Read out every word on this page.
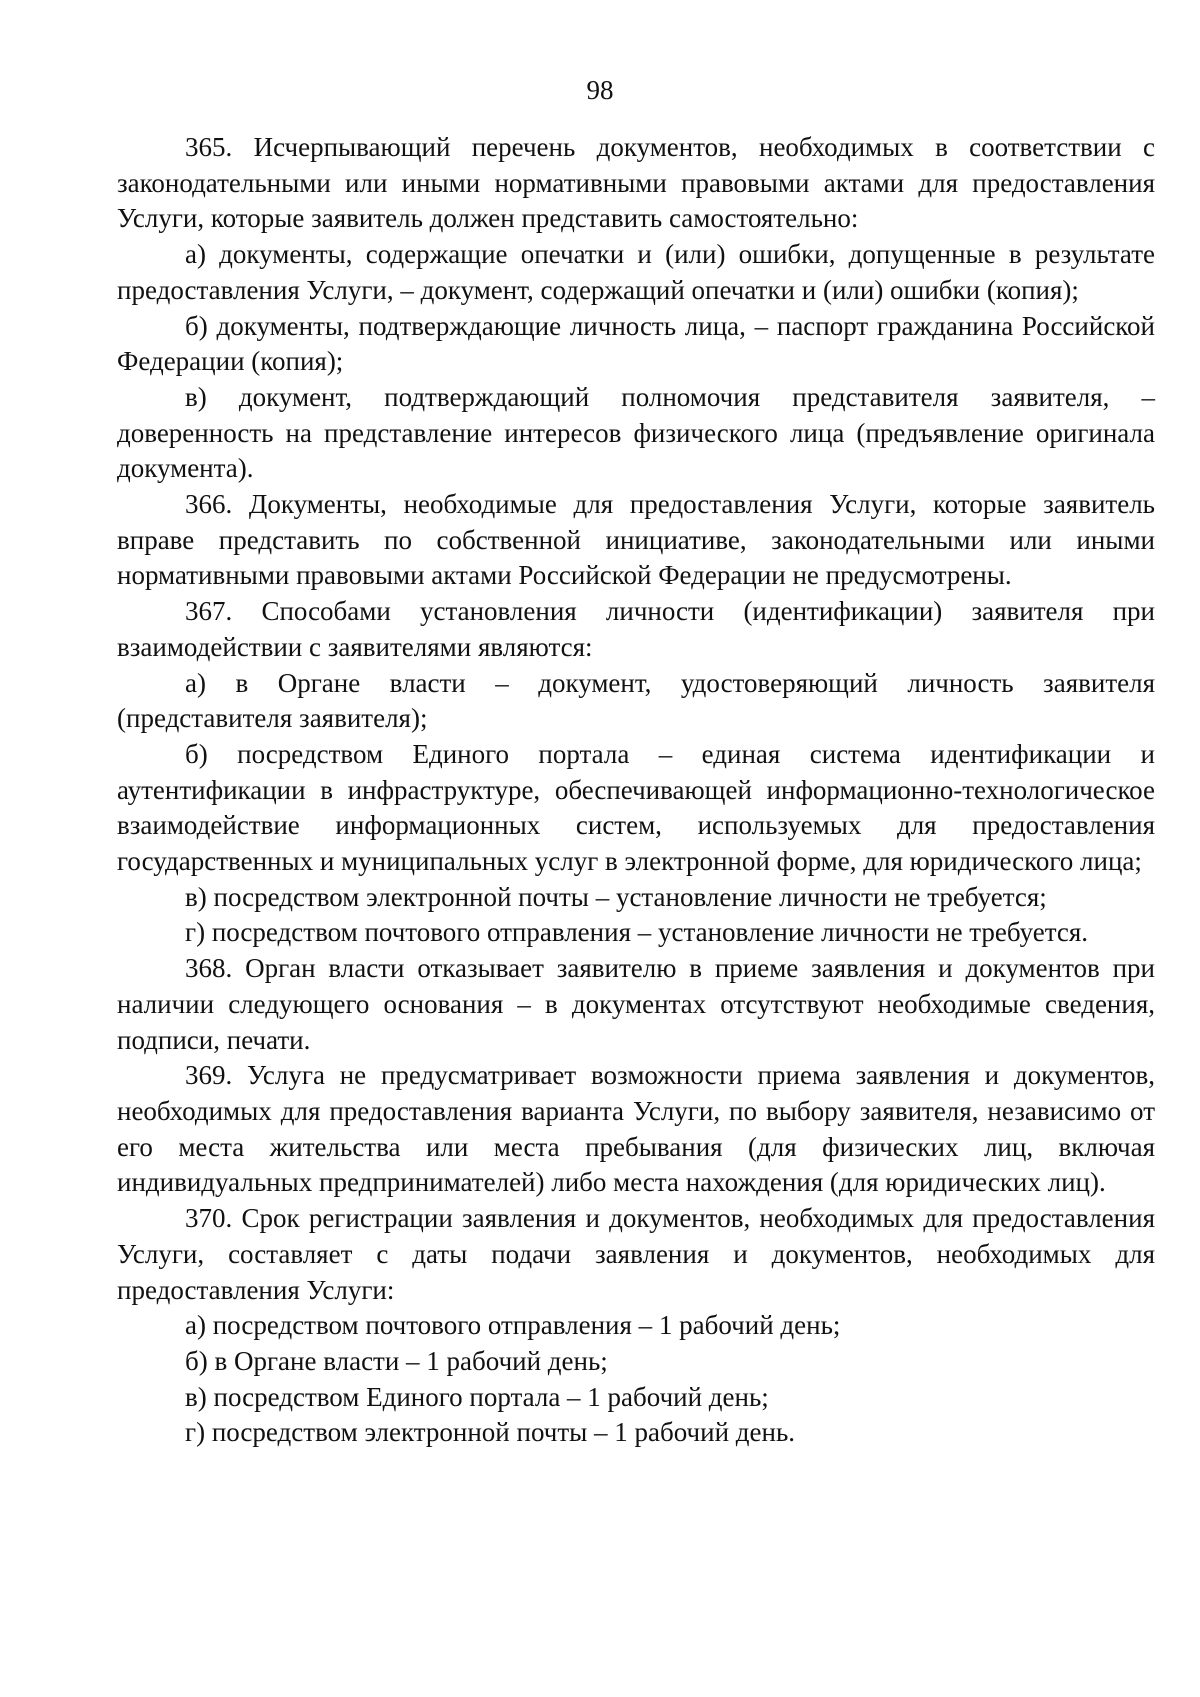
98

365. Исчерпывающий перечень документов, необходимых в соответствии с законодательными или иными нормативными правовыми актами для предоставления Услуги, которые заявитель должен представить самостоятельно:

а) документы, содержащие опечатки и (или) ошибки, допущенные в результате предоставления Услуги, – документ, содержащий опечатки и (или) ошибки (копия);

б) документы, подтверждающие личность лица, – паспорт гражданина Российской Федерации (копия);

в) документ, подтверждающий полномочия представителя заявителя, – доверенность на представление интересов физического лица (предъявление оригинала документа).

366. Документы, необходимые для предоставления Услуги, которые заявитель вправе представить по собственной инициативе, законодательными или иными нормативными правовыми актами Российской Федерации не предусмотрены.

367. Способами установления личности (идентификации) заявителя при взаимодействии с заявителями являются:

а) в Органе власти – документ, удостоверяющий личность заявителя (представителя заявителя);

б) посредством Единого портала – единая система идентификации и аутентификации в инфраструктуре, обеспечивающей информационно-технологическое взаимодействие информационных систем, используемых для предоставления государственных и муниципальных услуг в электронной форме, для юридического лица;

в) посредством электронной почты – установление личности не требуется;

г) посредством почтового отправления – установление личности не требуется.

368. Орган власти отказывает заявителю в приеме заявления и документов при наличии следующего основания – в документах отсутствуют необходимые сведения, подписи, печати.

369. Услуга не предусматривает возможности приема заявления и документов, необходимых для предоставления варианта Услуги, по выбору заявителя, независимо от его места жительства или места пребывания (для физических лиц, включая индивидуальных предпринимателей) либо места нахождения (для юридических лиц).

370. Срок регистрации заявления и документов, необходимых для предоставления Услуги, составляет с даты подачи заявления и документов, необходимых для предоставления Услуги:

а) посредством почтового отправления – 1 рабочий день;

б) в Органе власти – 1 рабочий день;

в) посредством Единого портала – 1 рабочий день;

г) посредством электронной почты – 1 рабочий день.
